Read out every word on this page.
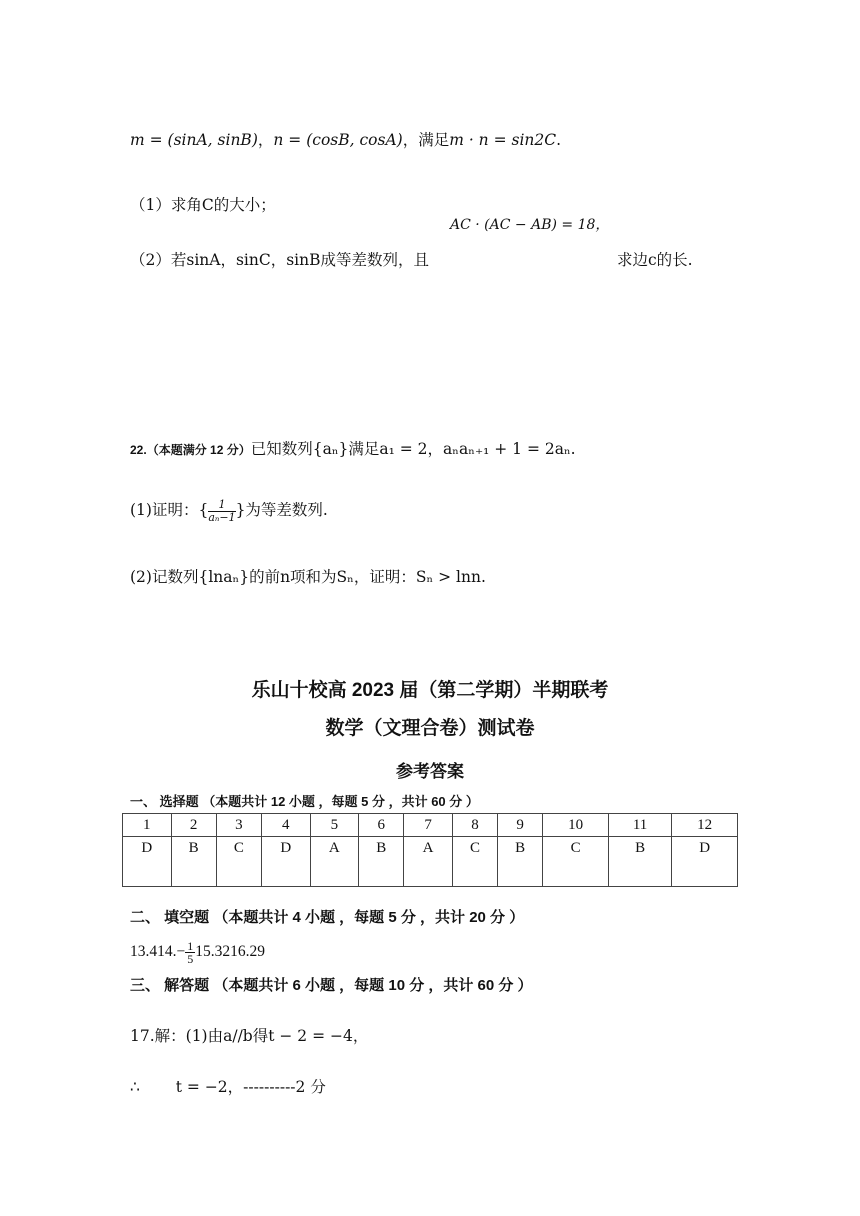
m = (sinA, sinB)，n = (cosB, cosA)，满足m · n = sin2C.
（1）求角C的大小；
AC · (AC − AB) = 18，
（2）若sinA，sinC，sinB成等差数列，且	求边c的长.
22.（本题满分 12 分）已知数列{aₙ}满足a₁ = 2，aₙaₙ₊₁ + 1 = 2aₙ.
(1)证明：{ $\frac{1}{\text{aₙ−1}}$ }为等差数列.
(2)记数列{lnaₙ}的前n项和为Sₙ，证明：Sₙ > lnn.
乐山十校高 2023 届（第二学期）半期联考
数学（文理合卷）测试卷
参考答案
一、 选择题 （本题共计 12 小题 ，每题 5 分 ，共计 60 分 ）
1	2	3	4	5	6	7	8	9	10	11	12
D	B	C	D	A	B	A	C	B	C	B	D
二、 填空题 （本题共计 4 小题 ，每题 5 分 ，共计 20 分 ）
$13.414.- \frac{1}{5} 15.3216.29$
三、 解答题 （本题共计 6 小题 ，每题 10 分 ，共计 60 分 ）
17.解：(1)由a//b得t − 2 = −4，
∴ t = −2，----------2 分
